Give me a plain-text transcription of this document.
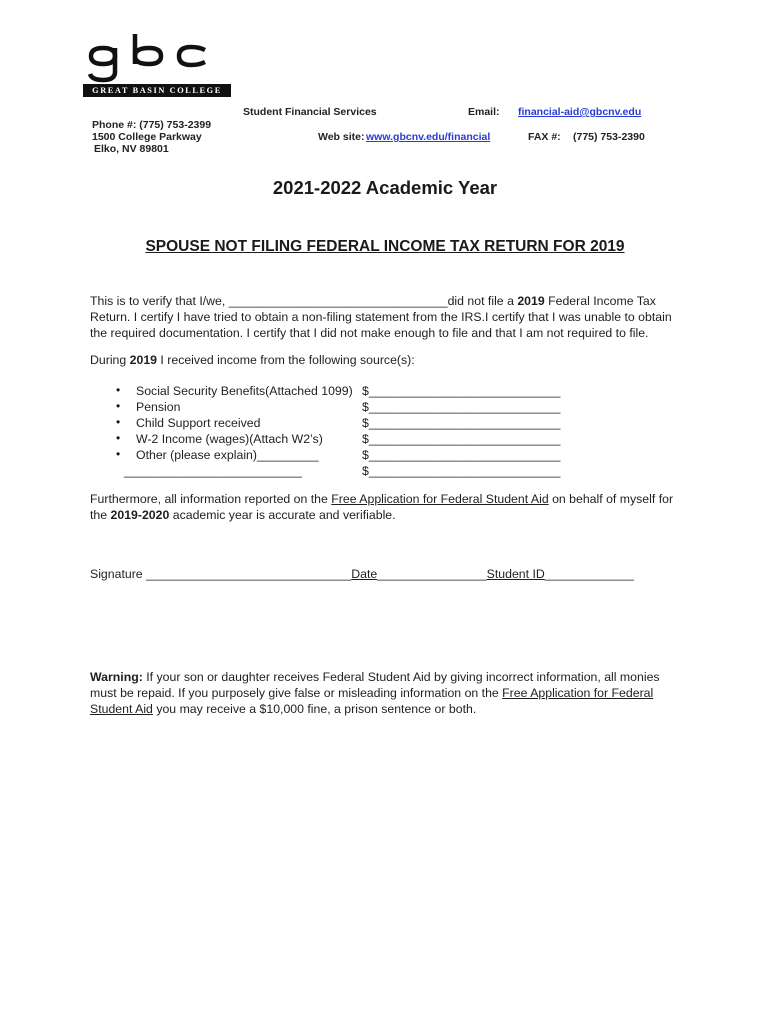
GREAT BASIN COLLEGE
Student Financial Services	Email: financial-aid@gbcnv.edu
Phone #: (775) 753-2399
1500 College Parkway	Web site: www.gbcnv.edu/financial	FAX #: (775) 753-2390
Elko, NV 89801
2021-2022 Academic Year
SPOUSE NOT FILING FEDERAL INCOME TAX RETURN FOR 2019
This is to verify that I/we, ________________________________did not file a 2019 Federal Income Tax
Return. I certify I have tried to obtain a non-filing statement from the IRS.I certify that I was unable to obtain
the required documentation. I certify that I did not make enough to file and that I am not required to file.
During 2019 I received income from the following source(s):
• Social Security Benefits(Attached 1099) $____________________________
• Pension	$____________________________
• Child Support received	$____________________________
• W-2 Income (wages)(Attach W2’s)	$____________________________
• Other (please explain)_________	$____________________________
__________________________	$____________________________
Furthermore, all information reported on the Free Application for Federal Student Aid on behalf of myself for
the 2019-2020 academic year is accurate and verifiable.
Signature ______________________________Date________________Student ID_____________
Warning: If your son or daughter receives Federal Student Aid by giving incorrect information, all monies
must be repaid. If you purposely give false or misleading information on the Free Application for Federal
Student Aid you may receive a $10,000 fine, a prison sentence or both.
